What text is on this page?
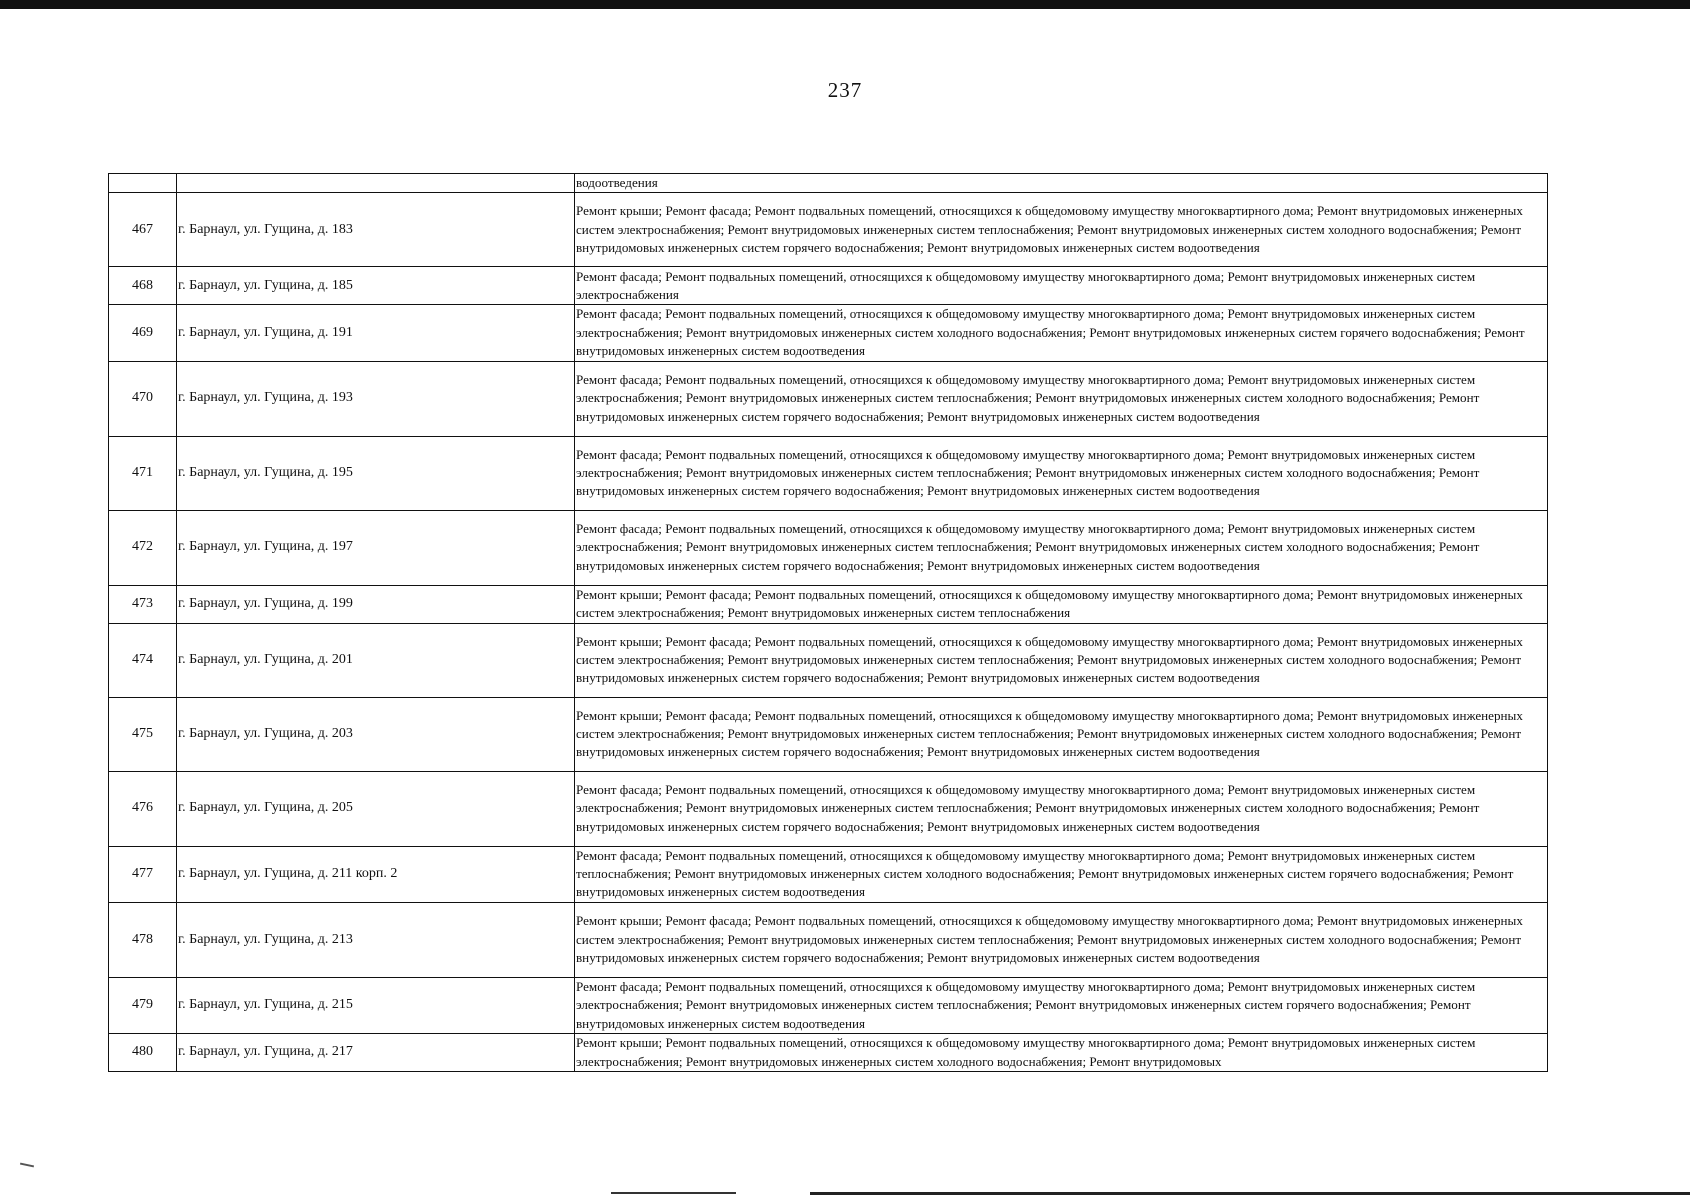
237

		водоотведения

467	г. Барнаул, ул. Гущина, д. 183	Ремонт крыши; Ремонт фасада; Ремонт подвальных помещений, относящихся к общедомовому имуществу многоквартирного дома; Ремонт внутридомовых инженерных систем электроснабжения; Ремонт внутридомовых инженерных систем теплоснабжения; Ремонт внутридомовых инженерных систем холодного водоснабжения; Ремонт внутридомовых инженерных систем горячего водоснабжения; Ремонт внутридомовых инженерных систем водоотведения
468	г. Барнаул, ул. Гущина, д. 185	Ремонт фасада; Ремонт подвальных помещений, относящихся к общедомовому имуществу многоквартирного дома; Ремонт внутридомовых инженерных систем электроснабжения
469	г. Барнаул, ул. Гущина, д. 191	Ремонт фасада; Ремонт подвальных помещений, относящихся к общедомовому имуществу многоквартирного дома; Ремонт внутридомовых инженерных систем электроснабжения; Ремонт внутридомовых инженерных систем холодного водоснабжения; Ремонт внутридомовых инженерных систем горячего водоснабжения; Ремонт внутридомовых инженерных систем водоотведения
470	г. Барнаул, ул. Гущина, д. 193	Ремонт фасада; Ремонт подвальных помещений, относящихся к общедомовому имуществу многоквартирного дома; Ремонт внутридомовых инженерных систем электроснабжения; Ремонт внутридомовых инженерных систем теплоснабжения; Ремонт внутридомовых инженерных систем холодного водоснабжения; Ремонт внутридомовых инженерных систем горячего водоснабжения; Ремонт внутридомовых инженерных систем водоотведения
471	г. Барнаул, ул. Гущина, д. 195	Ремонт фасада; Ремонт подвальных помещений, относящихся к общедомовому имуществу многоквартирного дома; Ремонт внутридомовых инженерных систем электроснабжения; Ремонт внутридомовых инженерных систем теплоснабжения; Ремонт внутридомовых инженерных систем холодного водоснабжения; Ремонт внутридомовых инженерных систем горячего водоснабжения; Ремонт внутридомовых инженерных систем водоотведения
472	г. Барнаул, ул. Гущина, д. 197	Ремонт фасада; Ремонт подвальных помещений, относящихся к общедомовому имуществу многоквартирного дома; Ремонт внутридомовых инженерных систем электроснабжения; Ремонт внутридомовых инженерных систем теплоснабжения; Ремонт внутридомовых инженерных систем холодного водоснабжения; Ремонт внутридомовых инженерных систем горячего водоснабжения; Ремонт внутридомовых инженерных систем водоотведения
473	г. Барнаул, ул. Гущина, д. 199	Ремонт крыши; Ремонт фасада; Ремонт подвальных помещений, относящихся к общедомовому имуществу многоквартирного дома; Ремонт внутридомовых инженерных систем электроснабжения; Ремонт внутридомовых инженерных систем теплоснабжения
474	г. Барнаул, ул. Гущина, д. 201	Ремонт крыши; Ремонт фасада; Ремонт подвальных помещений, относящихся к общедомовому имуществу многоквартирного дома; Ремонт внутридомовых инженерных систем электроснабжения; Ремонт внутридомовых инженерных систем теплоснабжения; Ремонт внутридомовых инженерных систем холодного водоснабжения; Ремонт внутридомовых инженерных систем горячего водоснабжения; Ремонт внутридомовых инженерных систем водоотведения
475	г. Барнаул, ул. Гущина, д. 203	Ремонт крыши; Ремонт фасада; Ремонт подвальных помещений, относящихся к общедомовому имуществу многоквартирного дома; Ремонт внутридомовых инженерных систем электроснабжения; Ремонт внутридомовых инженерных систем теплоснабжения; Ремонт внутридомовых инженерных систем холодного водоснабжения; Ремонт внутридомовых инженерных систем горячего водоснабжения; Ремонт внутридомовых инженерных систем водоотведения
476	г. Барнаул, ул. Гущина, д. 205	Ремонт фасада; Ремонт подвальных помещений, относящихся к общедомовому имуществу многоквартирного дома; Ремонт внутридомовых инженерных систем электроснабжения; Ремонт внутридомовых инженерных систем теплоснабжения; Ремонт внутридомовых инженерных систем холодного водоснабжения; Ремонт внутридомовых инженерных систем горячего водоснабжения; Ремонт внутридомовых инженерных систем водоотведения
477	г. Барнаул, ул. Гущина, д. 211 корп. 2	Ремонт фасада; Ремонт подвальных помещений, относящихся к общедомовому имуществу многоквартирного дома; Ремонт внутридомовых инженерных систем теплоснабжения; Ремонт внутридомовых инженерных систем холодного водоснабжения; Ремонт внутридомовых инженерных систем горячего водоснабжения; Ремонт внутридомовых инженерных систем водоотведения
478	г. Барнаул, ул. Гущина, д. 213	Ремонт крыши; Ремонт фасада; Ремонт подвальных помещений, относящихся к общедомовому имуществу многоквартирного дома; Ремонт внутридомовых инженерных систем электроснабжения; Ремонт внутридомовых инженерных систем теплоснабжения; Ремонт внутридомовых инженерных систем холодного водоснабжения; Ремонт внутридомовых инженерных систем горячего водоснабжения; Ремонт внутридомовых инженерных систем водоотведения
479	г. Барнаул, ул. Гущина, д. 215	Ремонт фасада; Ремонт подвальных помещений, относящихся к общедомовому имуществу многоквартирного дома; Ремонт внутридомовых инженерных систем электроснабжения; Ремонт внутридомовых инженерных систем теплоснабжения; Ремонт внутридомовых инженерных систем горячего водоснабжения; Ремонт внутридомовых инженерных систем водоотведения
480	г. Барнаул, ул. Гущина, д. 217	Ремонт крыши; Ремонт подвальных помещений, относящихся к общедомовому имуществу многоквартирного дома; Ремонт внутридомовых инженерных систем электроснабжения; Ремонт внутридомовых инженерных систем холодного водоснабжения; Ремонт внутридомовых
